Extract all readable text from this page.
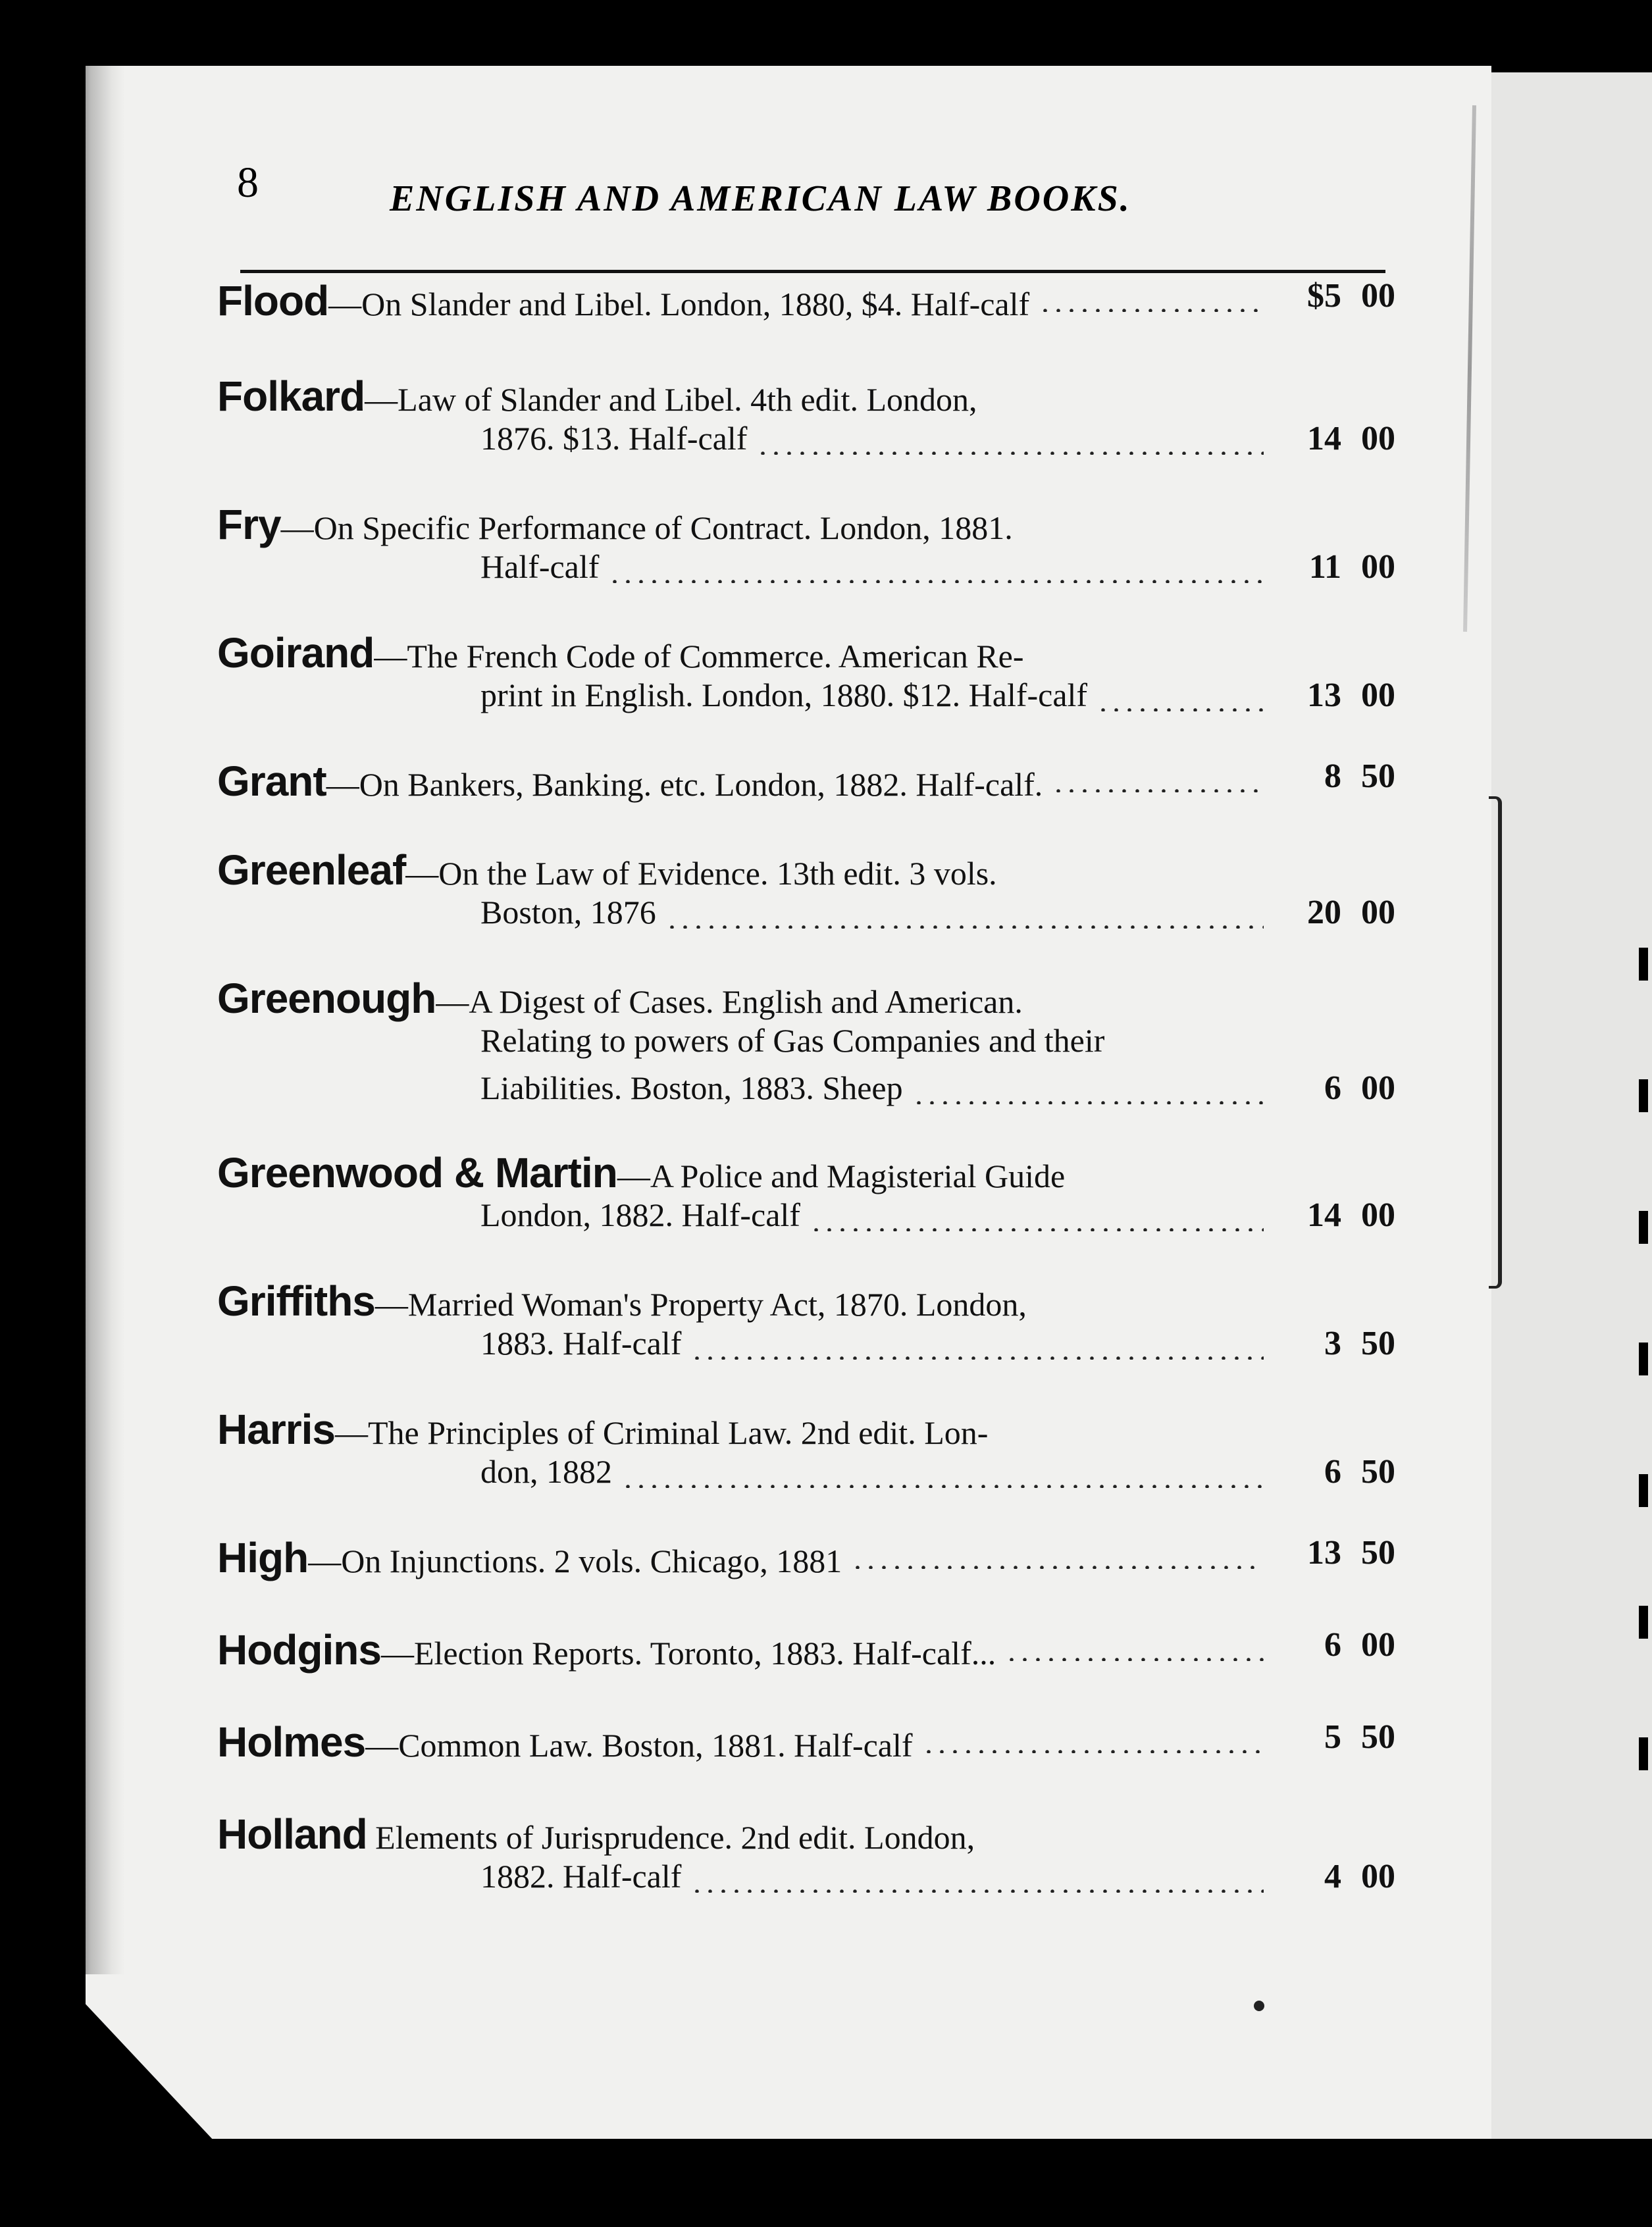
8	ENGLISH AND AMERICAN LAW BOOKS.
Flood—On Slander and Libel. London, 1880, $4. Half-calf	$5 00
Folkard—Law of Slander and Libel. 4th edit. London,
1876. $13. Half-calf	14 00
Fry—On Specific Performance of Contract. London, 1881.
Half-calf	11 00
Goirand—The French Code of Commerce. American Re-
print in English. London, 1880. $12. Half-calf	13 00
Grant—On Bankers, Banking. etc. London, 1882. Half-calf.	8 50
Greenleaf—On the Law of Evidence. 13th edit. 3 vols.
Boston, 1876	20 00
Greenough—A Digest of Cases. English and American.
Relating to powers of Gas Companies and their
Liabilities. Boston, 1883. Sheep	6 00
Greenwood & Martin—A Police and Magisterial Guide
London, 1882. Half-calf	14 00
Griffiths—Married Woman's Property Act, 1870. London,
1883. Half-calf	3 50
Harris—The Principles of Criminal Law. 2nd edit. Lon-
don, 1882	6 50
High—On Injunctions. 2 vols. Chicago, 1881	13 50
Hodgins—Election Reports. Toronto, 1883. Half-calf...	6 00
Holmes—Common Law. Boston, 1881. Half-calf	5 50
Holland Elements of Jurisprudence. 2nd edit. London,
1882. Half-calf	4 00
